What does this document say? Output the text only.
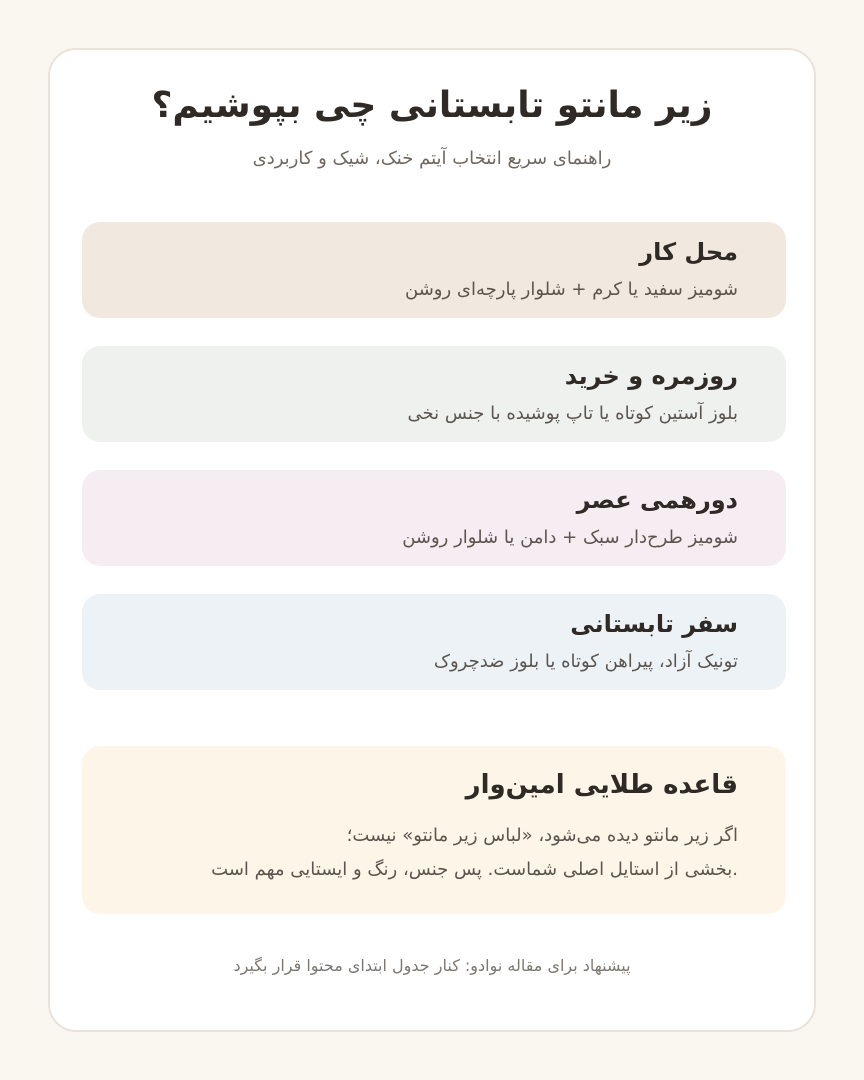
زیر مانتو تابستانی چی بپوشیم؟
راهنمای سریع انتخاب آیتم خنک، شیک و کاربردی
محل کار
شومیز سفید یا کرم + شلوار پارچه‌ای روشن
روزمره و خرید
بلوز آستین کوتاه یا تاپ پوشیده با جنس نخی
دورهمی عصر
شومیز طرح‌دار سبک + دامن یا شلوار روشن
سفر تابستانی
تونیک آزاد، پیراهن کوتاه یا بلوز ضدچروک
قاعده طلایی امین‌وار
اگر زیر مانتو دیده می‌شود، «لباس زیر مانتو» نیست؛
.بخشی از استایل اصلی شماست. پس جنس، رنگ و ایستایی مهم است
پیشنهاد برای مقاله نوادو: کنار جدول ابتدای محتوا قرار بگیرد
